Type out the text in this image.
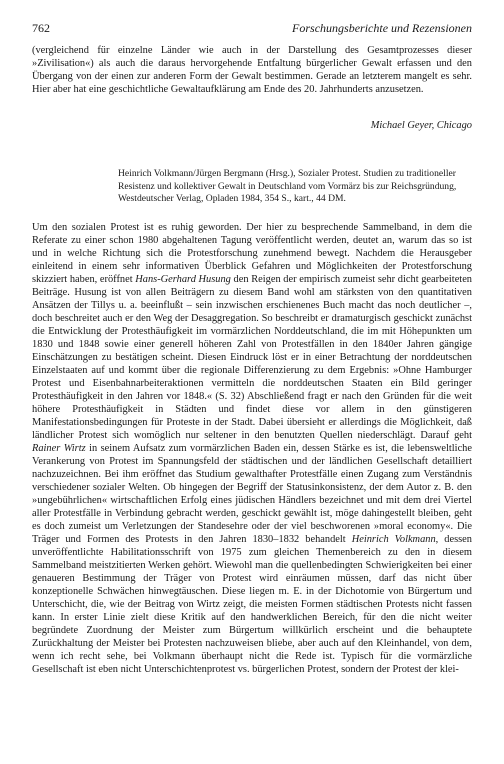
762	Forschungsberichte und Rezensionen

(vergleichend für einzelne Länder wie auch in der Darstellung des Gesamtprozesses dieser »Zivilisation«) als auch die daraus hervorgehende Entfaltung bürgerlicher Gewalt erfassen und den Übergang von der einen zur anderen Form der Gewalt bestimmen. Gerade an letzterem mangelt es sehr. Hier aber hat eine geschichtliche Gewaltaufklärung am Ende des 20. Jahrhunderts anzusetzen.

Michael Geyer, Chicago

Heinrich Volkmann/Jürgen Bergmann (Hrsg.), Sozialer Protest. Studien zu traditioneller Resistenz und kollektiver Gewalt in Deutschland vom Vormärz bis zur Reichsgründung, Westdeutscher Verlag, Opladen 1984, 354 S., kart., 44 DM.

Um den sozialen Protest ist es ruhig geworden. Der hier zu besprechende Sammelband, in dem die Referate zu einer schon 1980 abgehaltenen Tagung veröffentlicht werden, deutet an, warum das so ist und in welche Richtung sich die Protestforschung zunehmend bewegt. Nachdem die Herausgeber einleitend in einem sehr informativen Überblick Gefahren und Möglichkeiten der Protestforschung skizziert haben, eröffnet Hans-Gerhard Husung den Reigen der empirisch zumeist sehr dicht gearbeiteten Beiträge. Husung ist von allen Beiträgern zu diesem Band wohl am stärksten von den quantitativen Ansätzen der Tillys u. a. beeinflußt – sein inzwischen erschienenes Buch macht das noch deutlicher –, doch beschreitet auch er den Weg der Desaggregation. So beschreibt er dramaturgisch geschickt zunächst die Entwicklung der Protesthäufigkeit im vormärzlichen Norddeutschland, die im mit Höhepunkten um 1830 und 1848 sowie einer generell höheren Zahl von Protestfällen in den 1840er Jahren gängige Einschätzungen zu bestätigen scheint. Diesen Eindruck löst er in einer Betrachtung der norddeutschen Einzelstaaten auf und kommt über die regionale Differenzierung zu dem Ergebnis: »Ohne Hamburger Protest und Eisenbahnarbeiteraktionen vermitteln die norddeutschen Staaten ein Bild geringer Protesthäufigkeit in den Jahren vor 1848.« (S. 32) Abschließend fragt er nach den Gründen für die weit höhere Protesthäufigkeit in Städten und findet diese vor allem in den günstigeren Manifestationsbedingungen für Proteste in der Stadt. Dabei übersieht er allerdings die Möglichkeit, daß ländlicher Protest sich womöglich nur seltener in den benutzten Quellen niederschlägt. Darauf geht Rainer Wirtz in seinem Aufsatz zum vormärzlichen Baden ein, dessen Stärke es ist, die lebensweltliche Verankerung von Protest im Spannungsfeld der städtischen und der ländlichen Gesellschaft detailliert nachzuzeichnen. Bei ihm eröffnet das Studium gewalthafter Protestfälle einen Zugang zum Verständnis verschiedener sozialer Welten. Ob hingegen der Begriff der Statusinkonsistenz, der dem Autor z. B. den »ungebührlichen« wirtschaftlichen Erfolg eines jüdischen Händlers bezeichnet und mit dem drei Viertel aller Protestfälle in Verbindung gebracht werden, geschickt gewählt ist, möge dahingestellt bleiben, geht es doch zumeist um Verletzungen der Standesehre oder der viel beschworenen »moral economy«. Die Träger und Formen des Protests in den Jahren 1830–1832 behandelt Heinrich Volkmann, dessen unveröffentlichte Habilitationsschrift von 1975 zum gleichen Themenbereich zu den in diesem Sammelband meistzitierten Werken gehört. Wiewohl man die quellenbedingten Schwierigkeiten bei einer genaueren Bestimmung der Träger von Protest wird einräumen müssen, darf das nicht über konzeptionelle Schwächen hinwegtäuschen. Diese liegen m. E. in der Dichotomie von Bürgertum und Unterschicht, die, wie der Beitrag von Wirtz zeigt, die meisten Formen städtischen Protests nicht fassen kann. In erster Linie zielt diese Kritik auf den handwerklichen Bereich, für den die nicht weiter begründete Zuordnung der Meister zum Bürgertum willkürlich erscheint und die behauptete Zurückhaltung der Meister bei Protesten nachzuweisen bliebe, aber auch auf den Kleinhandel, von dem, wenn ich recht sehe, bei Volkmann überhaupt nicht die Rede ist. Typisch für die vormärzliche Gesellschaft ist eben nicht Unterschichtenprotest vs. bürgerlichen Protest, sondern der Protest der klei-
